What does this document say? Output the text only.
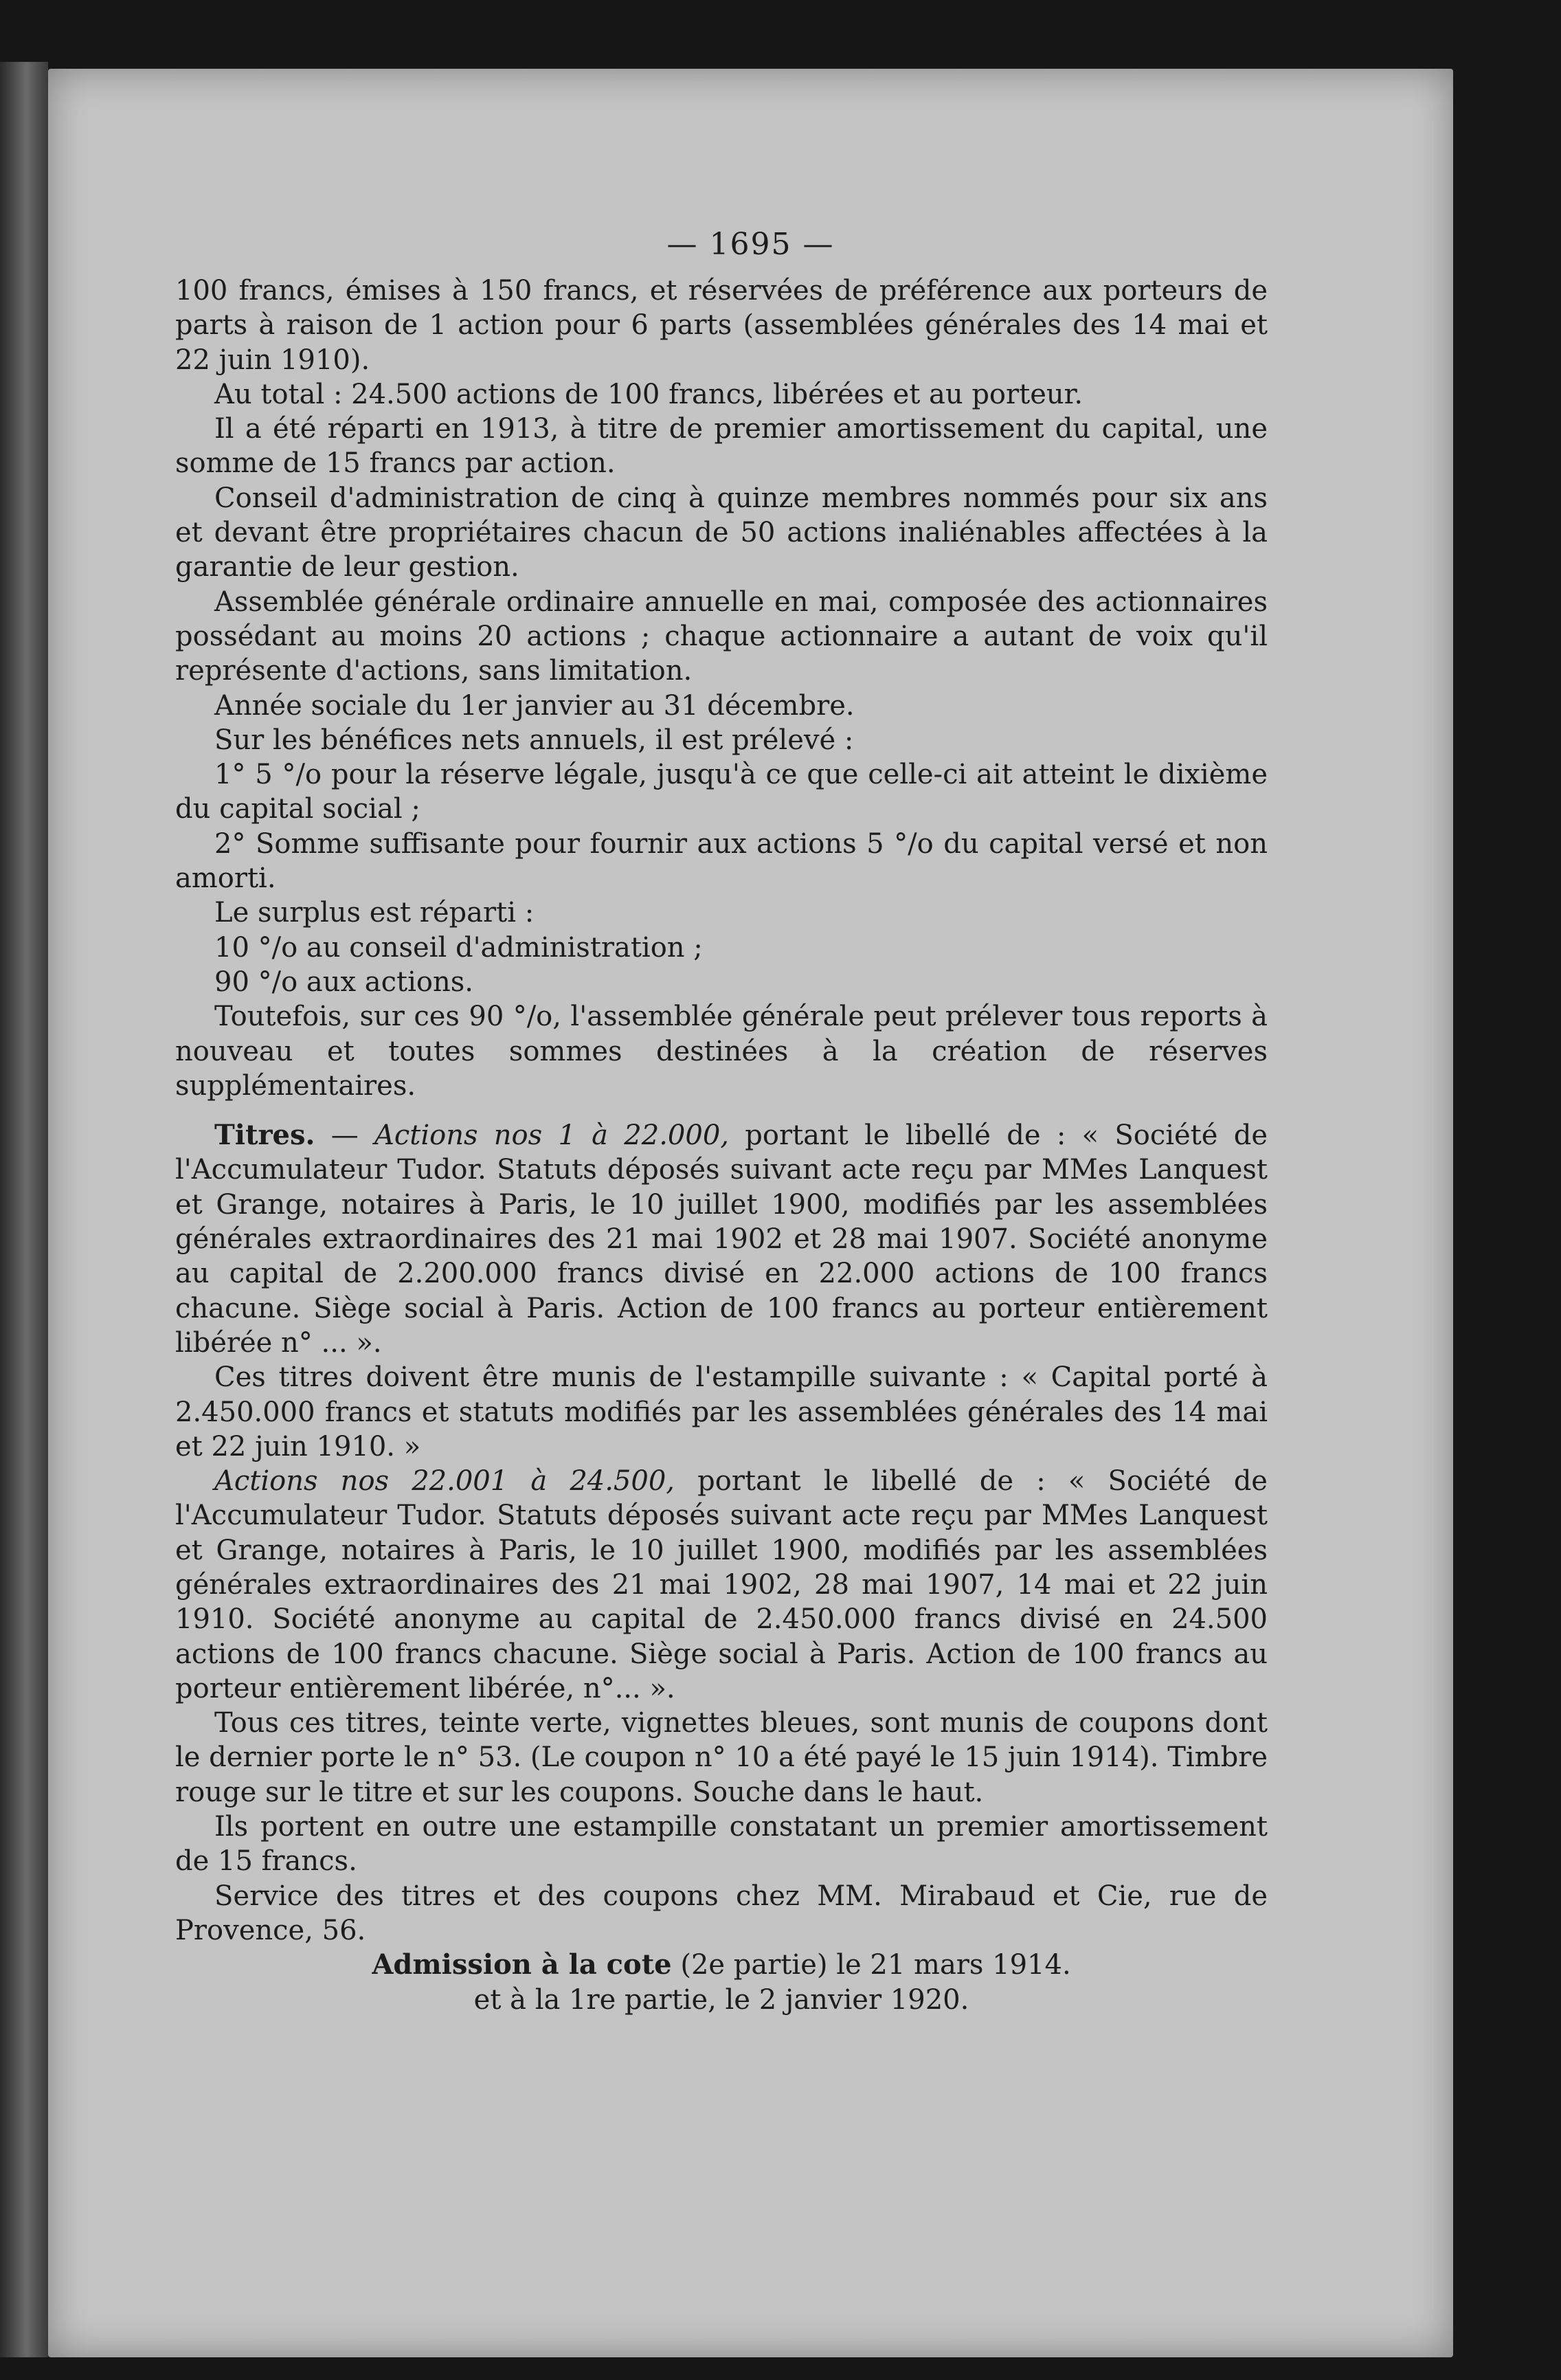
— 1695 —

100 francs, émises à 150 francs, et réservées de préférence aux porteurs de parts à raison de 1 action pour 6 parts (assemblées générales des 14 mai et 22 juin 1910).

Au total : 24.500 actions de 100 francs, libérées et au porteur.

Il a été réparti en 1913, à titre de premier amortissement du capital, une somme de 15 francs par action.

Conseil d'administration de cinq à quinze membres nommés pour six ans et devant être propriétaires chacun de 50 actions inaliénables affectées à la garantie de leur gestion.

Assemblée générale ordinaire annuelle en mai, composée des actionnaires possédant au moins 20 actions ; chaque actionnaire a autant de voix qu'il représente d'actions, sans limitation.

Année sociale du 1er janvier au 31 décembre.

Sur les bénéfices nets annuels, il est prélevé :

1° 5 °/o pour la réserve légale, jusqu'à ce que celle-ci ait atteint le dixième du capital social ;

2° Somme suffisante pour fournir aux actions 5 °/o du capital versé et non amorti.

Le surplus est réparti :

10 °/o au conseil d'administration ;

90 °/o aux actions.

Toutefois, sur ces 90 °/o, l'assemblée générale peut prélever tous reports à nouveau et toutes sommes destinées à la création de réserves supplémentaires.

Titres. — Actions nos 1 à 22.000, portant le libellé de : « Société de l'Accumulateur Tudor. Statuts déposés suivant acte reçu par MMes Lanquest et Grange, notaires à Paris, le 10 juillet 1900, modifiés par les assemblées générales extraordinaires des 21 mai 1902 et 28 mai 1907. Société anonyme au capital de 2.200.000 francs divisé en 22.000 actions de 100 francs chacune. Siège social à Paris. Action de 100 francs au porteur entièrement libérée n° ... ».

Ces titres doivent être munis de l'estampille suivante : « Capital porté à 2.450.000 francs et statuts modifiés par les assemblées générales des 14 mai et 22 juin 1910. »

Actions nos 22.001 à 24.500, portant le libellé de : « Société de l'Accumulateur Tudor. Statuts déposés suivant acte reçu par MMes Lanquest et Grange, notaires à Paris, le 10 juillet 1900, modifiés par les assemblées générales extraordinaires des 21 mai 1902, 28 mai 1907, 14 mai et 22 juin 1910. Société anonyme au capital de 2.450.000 francs divisé en 24.500 actions de 100 francs chacune. Siège social à Paris. Action de 100 francs au porteur entièrement libérée, n°... ».

Tous ces titres, teinte verte, vignettes bleues, sont munis de coupons dont le dernier porte le n° 53. (Le coupon n° 10 a été payé le 15 juin 1914). Timbre rouge sur le titre et sur les coupons. Souche dans le haut.

Ils portent en outre une estampille constatant un premier amortissement de 15 francs.

Service des titres et des coupons chez MM. Mirabaud et Cie, rue de Provence, 56.

Admission à la cote (2e partie) le 21 mars 1914.

et à la 1re partie, le 2 janvier 1920.
